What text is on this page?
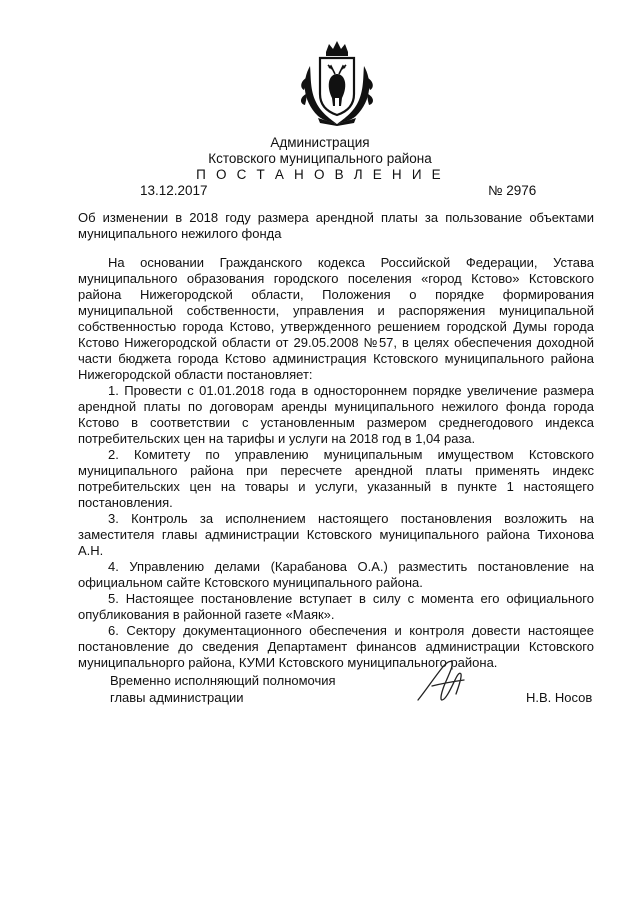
Администрация
Кстовского муниципального района
П О С Т А Н О В Л Е Н И Е
13.12.2017	№ 2976
Об изменении в 2018 году размера арендной платы за пользование объектами муниципального нежилого фонда

На основании Гражданского кодекса Российской Федерации, Устава муниципального образования городского поселения «город Кстово» Кстовского района Нижегородской области, Положения о порядке формирования муниципальной собственности, управления и распоряжения муниципальной собственностью города Кстово, утвержденного решением городской Думы города Кстово Нижегородской области от 29.05.2008 №57, в целях обеспечения доходной части бюджета города Кстово администрация Кстовского муниципального района Нижегородской области постановляет:

1. Провести с 01.01.2018 года в одностороннем порядке увеличение размера арендной платы по договорам аренды муниципального нежилого фонда города Кстово в соответствии с установленным размером среднегодового индекса потребительских цен на тарифы и услуги на 2018 год в 1,04 раза.

2. Комитету по управлению муниципальным имуществом Кстовского муниципального района при пересчете арендной платы применять индекс потребительских цен на товары и услуги, указанный в пункте 1 настоящего постановления.

3. Контроль за исполнением настоящего постановления возложить на заместителя главы администрации Кстовского муниципального района Тихонова А.Н.

4. Управлению делами (Карабанова О.А.) разместить постановление на официальном сайте Кстовского муниципального района.

5. Настоящее постановление вступает в силу с момента его официального опубликования в районной газете «Маяк».

6. Сектору документационного обеспечения и контроля довести настоящее постановление до сведения Департамент финансов администрации Кстовского муниципальнорго района, КУМИ Кстовского муниципального района.

Временно исполняющий полномочия
главы администрации	Н.В. Носов
